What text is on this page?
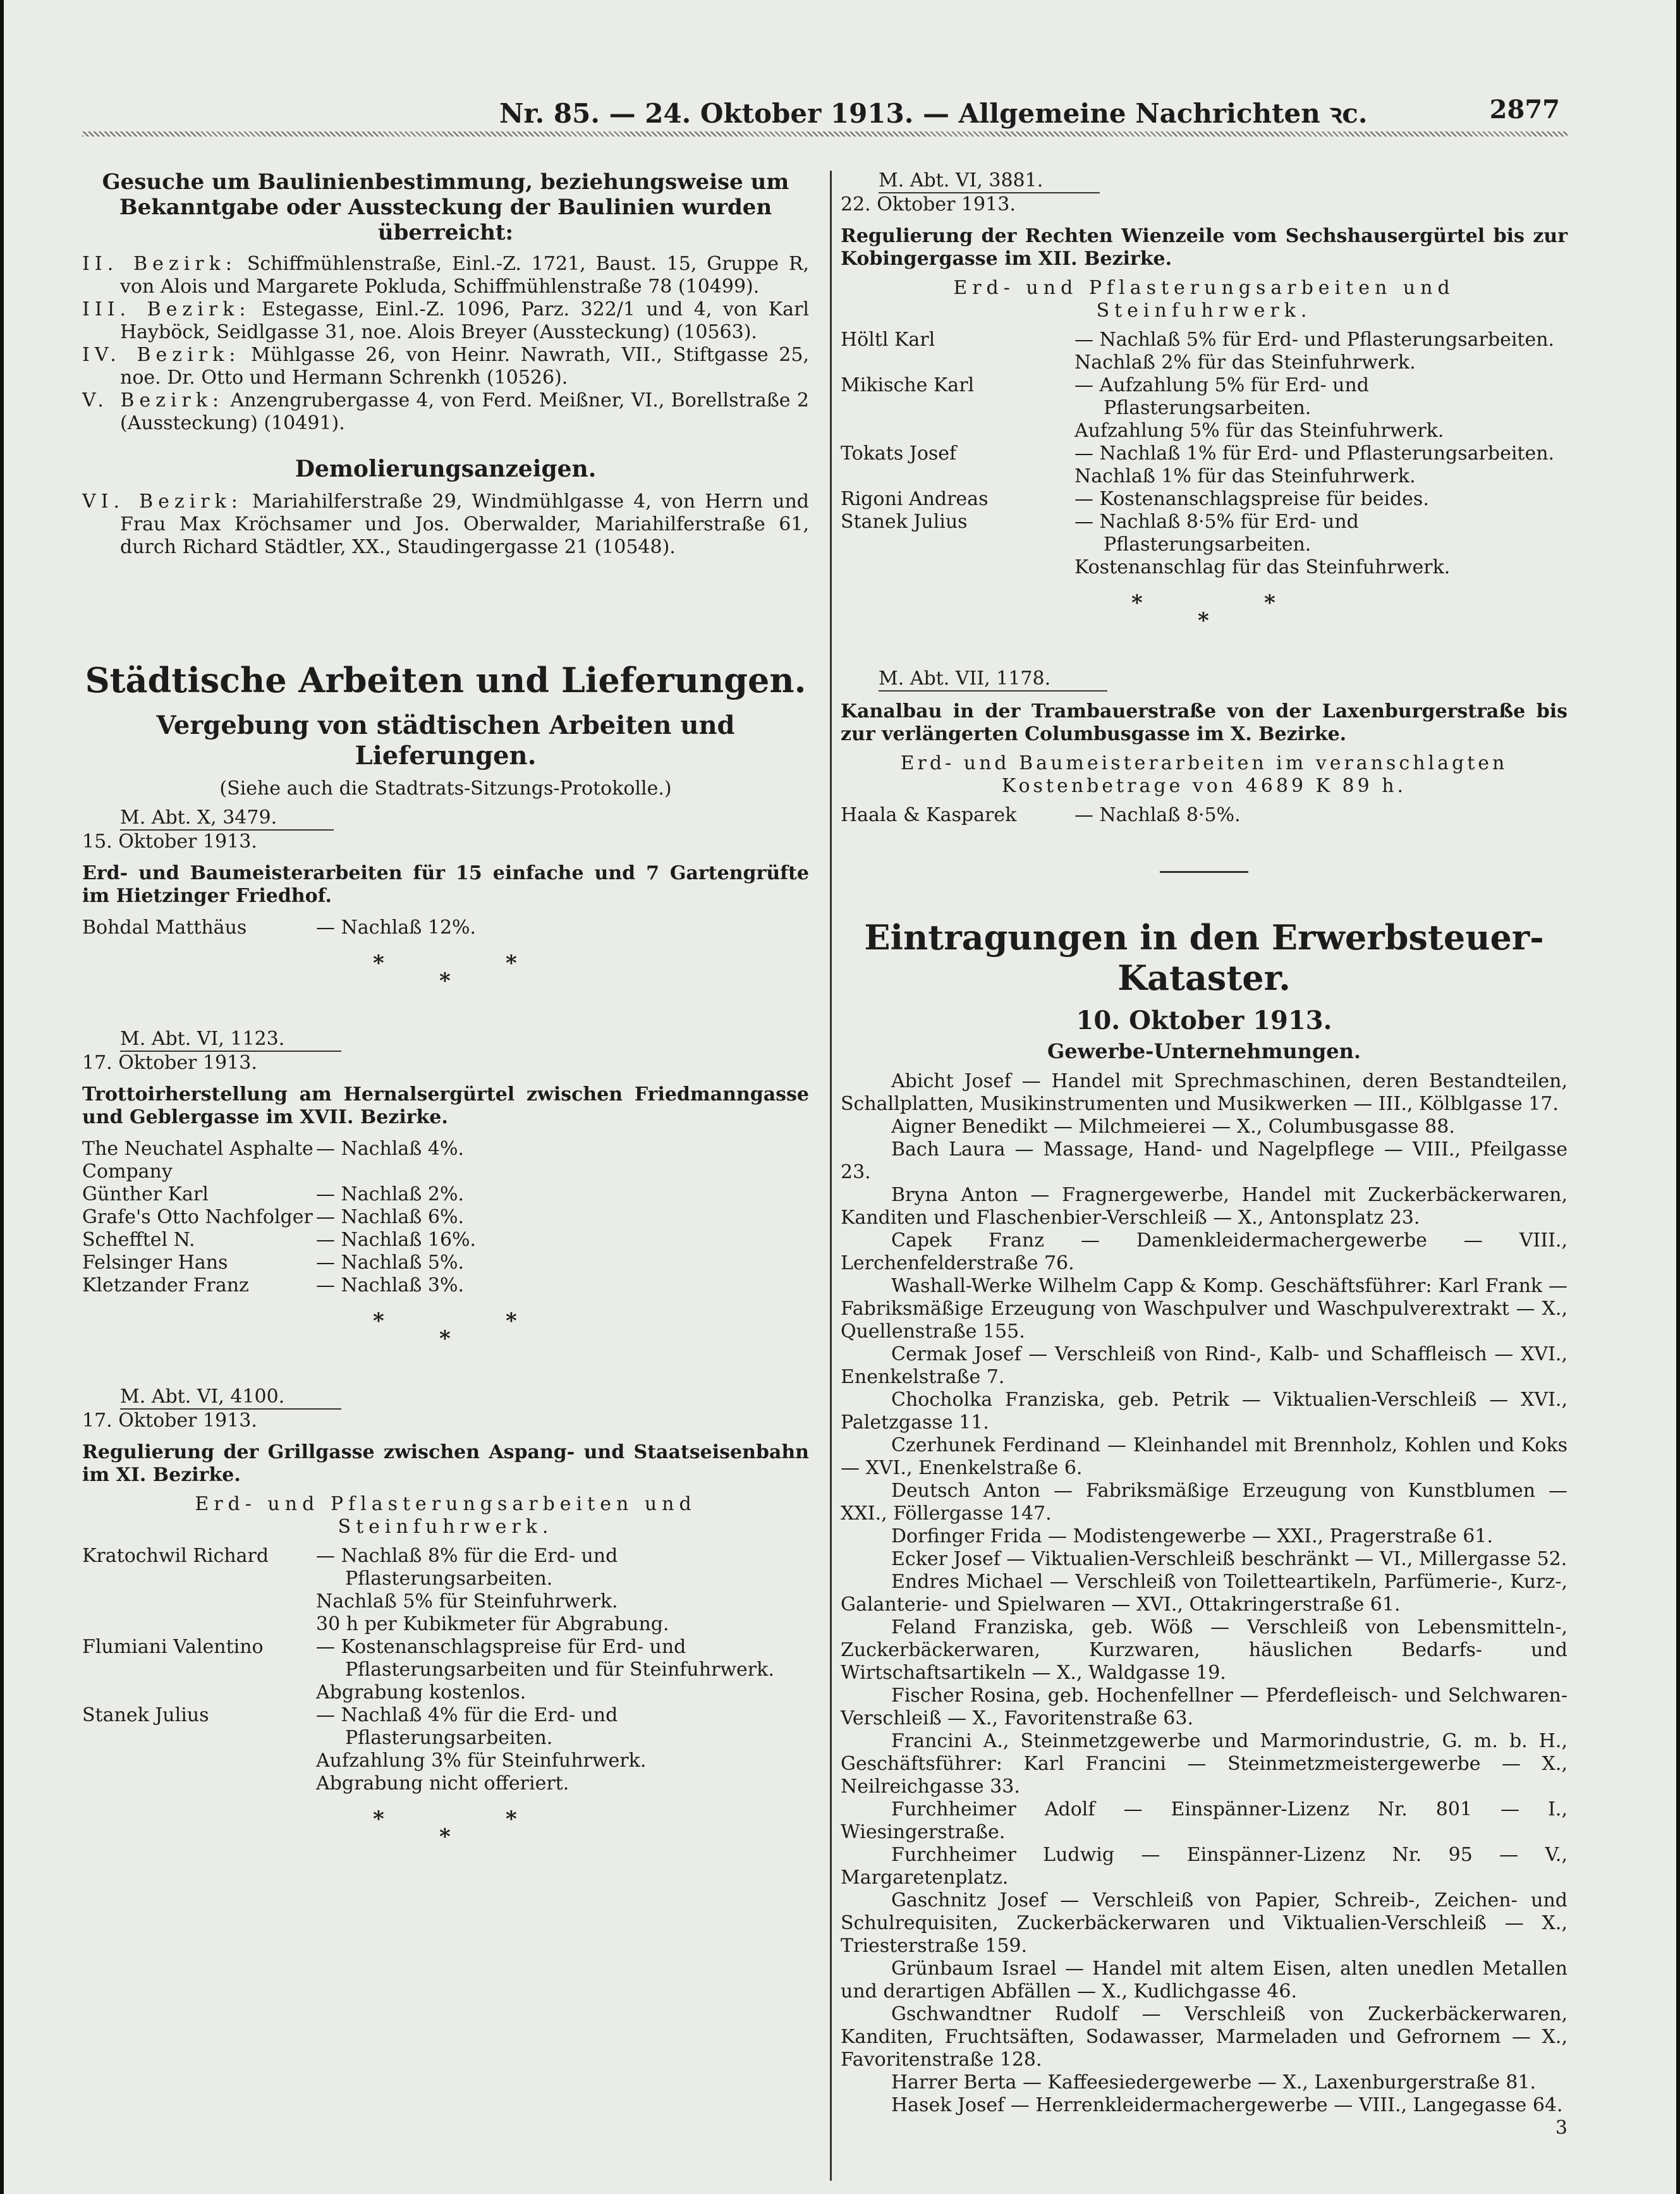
Nr. 85. — 24. Oktober 1913. — Allgemeine Nachrichten ꝛc.	2877

Gesuche um Baulinienbestimmung, beziehungsweise um Bekanntgabe oder Aussteckung der Baulinien wurden überreicht:

II. Bezirk: Schiffmühlenstraße, Einl.-Z. 1721, Baust. 15, Gruppe R, von Alois und Margarete Pokluda, Schiffmühlenstraße 78 (10499).

III. Bezirk: Estegasse, Einl.-Z. 1096, Parz. 322/1 und 4, von Karl Hayböck, Seidlgasse 31, noe. Alois Breyer (Aussteckung) (10563).

IV. Bezirk: Mühlgasse 26, von Heinr. Nawrath, VII., Stiftgasse 25, noe. Dr. Otto und Hermann Schrenkh (10526).

V. Bezirk: Anzengrubergasse 4, von Ferd. Meißner, VI., Borellstraße 2 (Aussteckung) (10491).

Demolierungsanzeigen.

VI. Bezirk: Mariahilferstraße 29, Windmühlgasse 4, von Herrn und Frau Max Kröchsamer und Jos. Oberwalder, Mariahilferstraße 61, durch Richard Städtler, XX., Staudingergasse 21 (10548).

Städtische Arbeiten und Lieferungen.

Vergebung von städtischen Arbeiten und Lieferungen.

(Siehe auch die Stadtrats-Sitzungs-Protokolle.)

M. Abt. X, 3479.

15. Oktober 1913.

Erd- und Baumeisterarbeiten für 15 einfache und 7 Gartengrüfte im Hietzinger Friedhof.

Bohdal Matthäus	— Nachlaß 12%.
*
*
*
M. Abt. VI, 1123.

17. Oktober 1913.

Trottoirherstellung am Hernalsergürtel zwischen Friedmanngasse und Geblergasse im XVII. Bezirke.

The Neuchatel Asphalte Company
— Nachlaß 4%.
Günther Karl	— Nachlaß 2%.
Grafe's Otto Nachfolger — Nachlaß 6%.
Schefftel N.	— Nachlaß 16%.
Felsinger Hans	— Nachlaß 5%.
Kletzander Franz	— Nachlaß 3%.
*
*
*
M. Abt. VI, 4100.

17. Oktober 1913.

Regulierung der Grillgasse zwischen Aspang- und Staatseisenbahn im XI. Bezirke.

Erd- und Pflasterungsarbeiten und Steinfuhrwerk.

Kratochwil Richard	— Nachlaß 8% für die Erd- und Pflasterungsarbeiten.
Nachlaß 5% für Steinfuhrwerk.
30 h per Kubikmeter für Abgrabung.
Flumiani Valentino	— Kostenanschlagspreise für Erd- und Pflasterungsarbeiten und für Steinfuhrwerk.
Abgrabung kostenlos.
Stanek Julius	— Nachlaß 4% für die Erd- und Pflasterungsarbeiten.
Aufzahlung 3% für Steinfuhrwerk.
Abgrabung nicht offeriert.
*
*
*
M. Abt. VI, 3881.

22. Oktober 1913.

Regulierung der Rechten Wienzeile vom Sechshausergürtel bis zur Kobingergasse im XII. Bezirke.

Erd- und Pflasterungsarbeiten und Steinfuhrwerk.

Höltl Karl	— Nachlaß 5% für Erd- und Pflasterungsarbeiten.
Nachlaß 2% für das Steinfuhrwerk.
Mikische Karl	— Aufzahlung 5% für Erd- und Pflasterungsarbeiten.
Aufzahlung 5% für das Steinfuhrwerk.
Tokats Josef	— Nachlaß 1% für Erd- und Pflasterungsarbeiten.
Nachlaß 1% für das Steinfuhrwerk.
Rigoni Andreas	— Kostenanschlagspreise für beides.
Stanek Julius	— Nachlaß 8·5% für Erd- und Pflasterungsarbeiten.
Kostenanschlag für das Steinfuhrwerk.
*
*
*
M. Abt. VII, 1178.

Kanalbau in der Trambauerstraße von der Laxenburgerstraße bis zur verlängerten Columbusgasse im X. Bezirke.

Erd- und Baumeisterarbeiten im veranschlagten Kostenbetrage von 4689 K 89 h.

Haala & Kasparek	— Nachlaß 8·5%.

Eintragungen in den Erwerbsteuer-Kataster.

10. Oktober 1913.

Gewerbe-Unternehmungen.

Abicht Josef — Handel mit Sprechmaschinen, deren Bestandteilen, Schallplatten, Musikinstrumenten und Musikwerken — III., Kölblgasse 17.

Aigner Benedikt — Milchmeierei — X., Columbusgasse 88.

Bach Laura — Massage, Hand- und Nagelpflege — VIII., Pfeilgasse 23.

Bryna Anton — Fragnergewerbe, Handel mit Zuckerbäckerwaren, Kanditen und Flaschenbier-Verschleiß — X., Antonsplatz 23.

Capek Franz — Damenkleidermachergewerbe — VIII., Lerchenfelderstraße 76.

Washall-Werke Wilhelm Capp & Komp. Geschäftsführer: Karl Frank — Fabriksmäßige Erzeugung von Waschpulver und Waschpulverextrakt — X., Quellenstraße 155.

Cermak Josef — Verschleiß von Rind-, Kalb- und Schaffleisch — XVI., Enenkelstraße 7.

Chocholka Franziska, geb. Petrik — Viktualien-Verschleiß — XVI., Paletzgasse 11.

Czerhunek Ferdinand — Kleinhandel mit Brennholz, Kohlen und Koks — XVI., Enenkelstraße 6.

Deutsch Anton — Fabriksmäßige Erzeugung von Kunstblumen — XXI., Föllergasse 147.

Dorfinger Frida — Modistengewerbe — XXI., Pragerstraße 61.

Ecker Josef — Viktualien-Verschleiß beschränkt — VI., Millergasse 52.

Endres Michael — Verschleiß von Toiletteartikeln, Parfümerie-, Kurz-, Galanterie- und Spielwaren — XVI., Ottakringerstraße 61.

Feland Franziska, geb. Wöß — Verschleiß von Lebensmitteln-, Zuckerbäckerwaren, Kurzwaren, häuslichen Bedarfs- und Wirtschaftsartikeln — X., Waldgasse 19.

Fischer Rosina, geb. Hochenfellner — Pferdefleisch- und Selchwaren-Verschleiß — X., Favoritenstraße 63.

Francini A., Steinmetzgewerbe und Marmorindustrie, G. m. b. H., Geschäftsführer: Karl Francini — Steinmetzmeistergewerbe — X., Neilreichgasse 33.

Furchheimer Adolf — Einspänner-Lizenz Nr. 801 — I., Wiesingerstraße.

Furchheimer Ludwig — Einspänner-Lizenz Nr. 95 — V., Margaretenplatz.

Gaschnitz Josef — Verschleiß von Papier, Schreib-, Zeichen- und Schulrequisiten, Zuckerbäckerwaren und Viktualien-Verschleiß — X., Triesterstraße 159.

Grünbaum Israel — Handel mit altem Eisen, alten unedlen Metallen und derartigen Abfällen — X., Kudlichgasse 46.

Gschwandtner Rudolf — Verschleiß von Zuckerbäckerwaren, Kanditen, Fruchtsäften, Sodawasser, Marmeladen und Gefrornem — X., Favoritenstraße 128.

Harrer Berta — Kaffeesiedergewerbe — X., Laxenburgerstraße 81.

Hasek Josef — Herrenkleidermachergewerbe — VIII., Langegasse 64.

3
